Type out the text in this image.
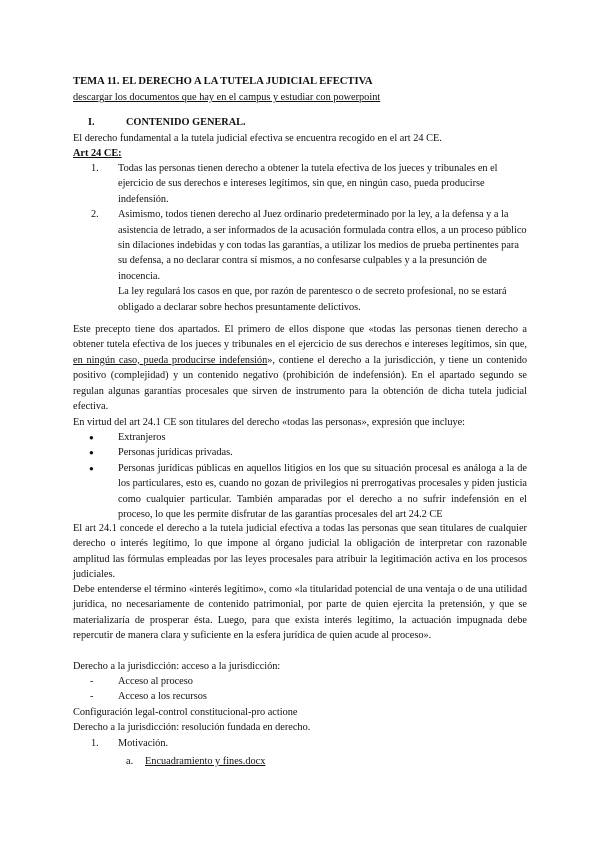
TEMA 11. EL DERECHO A LA TUTELA JUDICIAL EFECTIVA
descargar los documentos que hay en el campus y estudiar con powerpoint
I.	CONTENIDO GENERAL.
El derecho fundamental a la tutela judicial efectiva se encuentra recogido en el art 24 CE.
Art 24 CE:
1. Todas las personas tienen derecho a obtener la tutela efectiva de los jueces y tribunales en el ejercicio de sus derechos e intereses legítimos, sin que, en ningún caso, pueda producirse indefensión.
2. Asimismo, todos tienen derecho al Juez ordinario predeterminado por la ley, a la defensa y a la asistencia de letrado, a ser informados de la acusación formulada contra ellos, a un proceso público sin dilaciones indebidas y con todas las garantías, a utilizar los medios de prueba pertinentes para su defensa, a no declarar contra sí mismos, a no confesarse culpables y a la presunción de inocencia.
La ley regulará los casos en que, por razón de parentesco o de secreto profesional, no se estará obligado a declarar sobre hechos presuntamente delictivos.
Este precepto tiene dos apartados. El primero de ellos dispone que «todas las personas tienen derecho a obtener tutela efectiva de los jueces y tribunales en el ejercicio de sus derechos e intereses legítimos, sin que, en ningún caso, pueda producirse indefensión», contiene el derecho a la jurisdicción, y tiene un contenido positivo (complejidad) y un contenido negativo (prohibición de indefensión). En el apartado segundo se regulan algunas garantías procesales que sirven de instrumento para la obtención de dicha tutela judicial efectiva.
En virtud del art 24.1 CE son titulares del derecho «todas las personas», expresión que incluye:
● Extranjeros
● Personas jurídicas privadas.
● Personas jurídicas públicas en aquellos litigios en los que su situación procesal es análoga a la de los particulares, esto es, cuando no gozan de privilegios ni prerrogativas procesales y piden justicia como cualquier particular. También amparadas por el derecho a no sufrir indefensión en el proceso, lo que les permite disfrutar de las garantías procesales del art 24.2 CE
El art 24.1 concede el derecho a la tutela judicial efectiva a todas las personas que sean titulares de cualquier derecho o interés legítimo, lo que impone al órgano judicial la obligación de interpretar con razonable amplitud las fórmulas empleadas por las leyes procesales para atribuir la legitimación activa en los procesos judiciales.
Debe entenderse el término «interés legítimo», como «la titularidad potencial de una ventaja o de una utilidad jurídica, no necesariamente de contenido patrimonial, por parte de quien ejercita la pretensión, y que se materializaría de prosperar ésta. Luego, para que exista interés legítimo, la actuación impugnada debe repercutir de manera clara y suficiente en la esfera jurídica de quien acude al proceso».
Derecho a la jurisdicción: acceso a la jurisdicción:
- Acceso al proceso
- Acceso a los recursos
Configuración legal-control constitucional-pro actione
Derecho a la jurisdicción: resolución fundada en derecho.
1. Motivación.
a. Encuadramiento y fines.docx
